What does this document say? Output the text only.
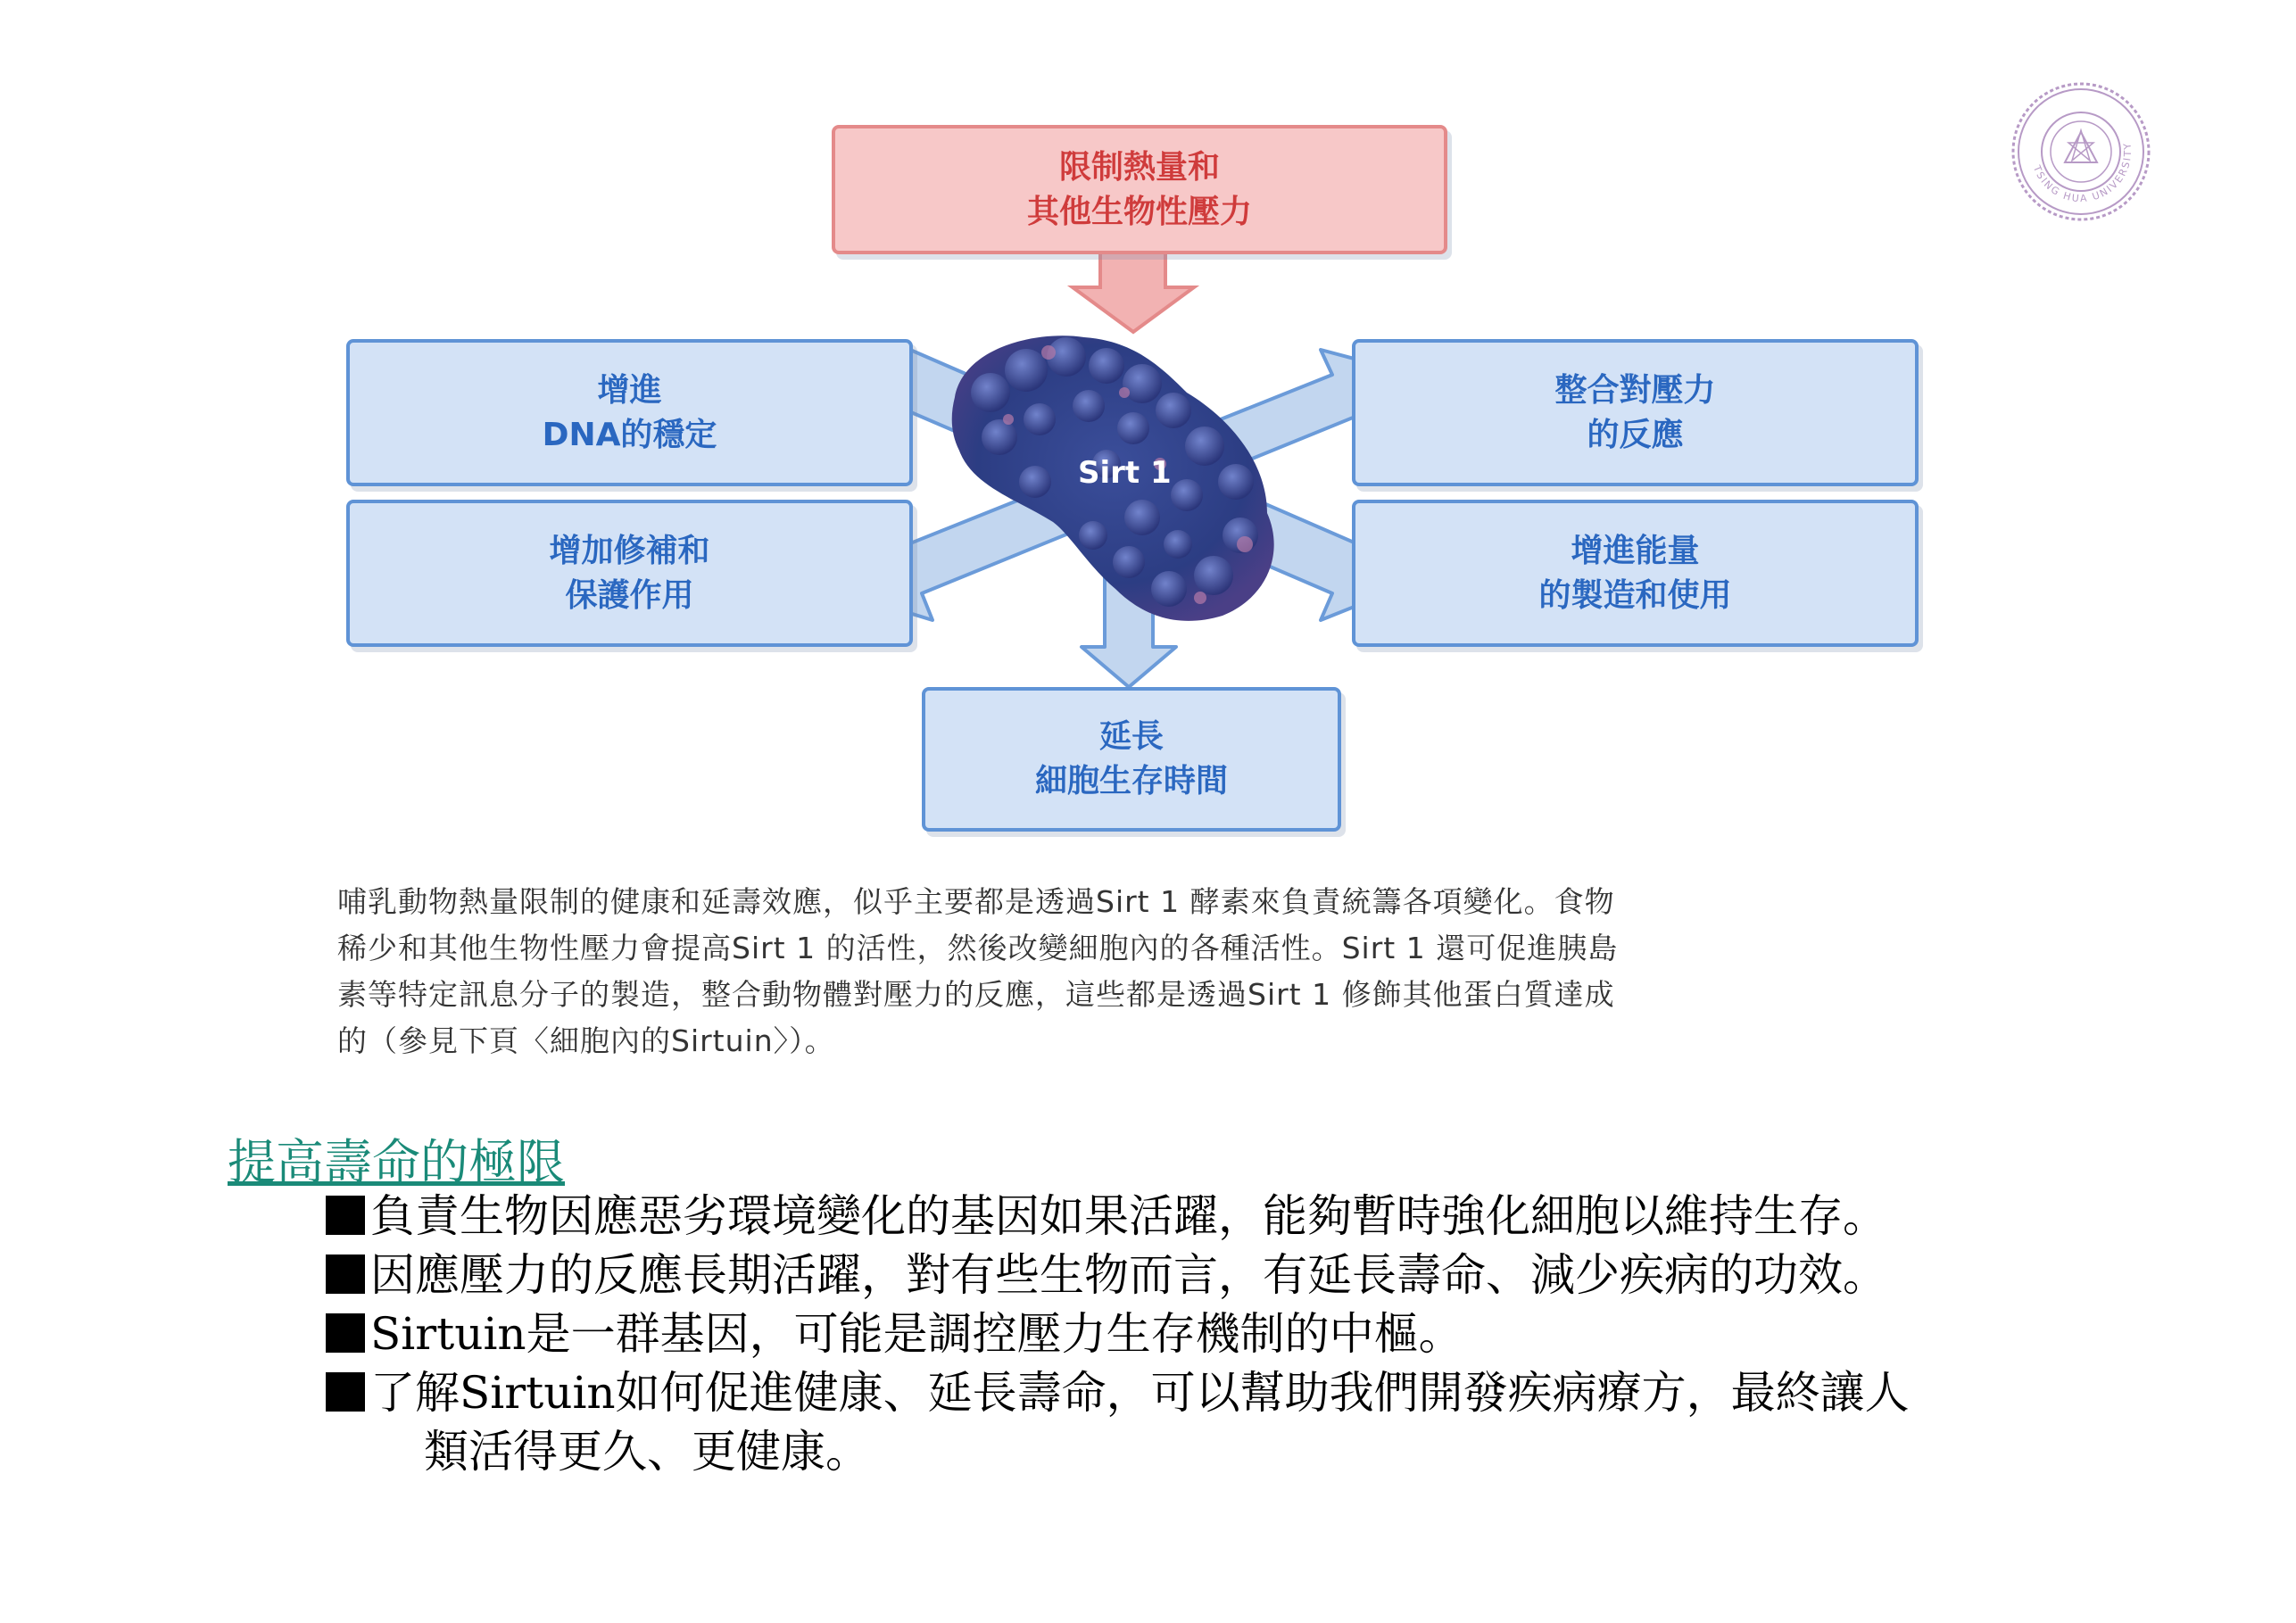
Sirt 1
限制熱量和
其他生物性壓力
增進
DNA的穩定
增加修補和
保護作用
整合對壓力
的反應
增進能量
的製造和使用
延長
細胞生存時間
哺乳動物熱量限制的健康和延壽效應，似乎主要都是透過Sirt 1 酵素來負責統籌各項變化。食物
稀少和其他生物性壓力會提高Sirt 1 的活性，然後改變細胞內的各種活性。Sirt 1 還可促進胰島
素等特定訊息分子的製造，整合動物體對壓力的反應，這些都是透過Sirt 1 修飾其他蛋白質達成
的（參見下頁〈細胞內的Sirtuin〉）。
提高壽命的極限
負責生物因應惡劣環境變化的基因如果活躍，能夠暫時強化細胞以維持生存。
因應壓力的反應長期活躍，對有些生物而言，有延長壽命、減少疾病的功效。
Sirtuin是一群基因，可能是調控壓力生存機制的中樞。
了解Sirtuin如何促進健康、延長壽命，可以幫助我們開發疾病療方，最終讓人
類活得更久、更健康。
TSING HUA UNIVERSITY
